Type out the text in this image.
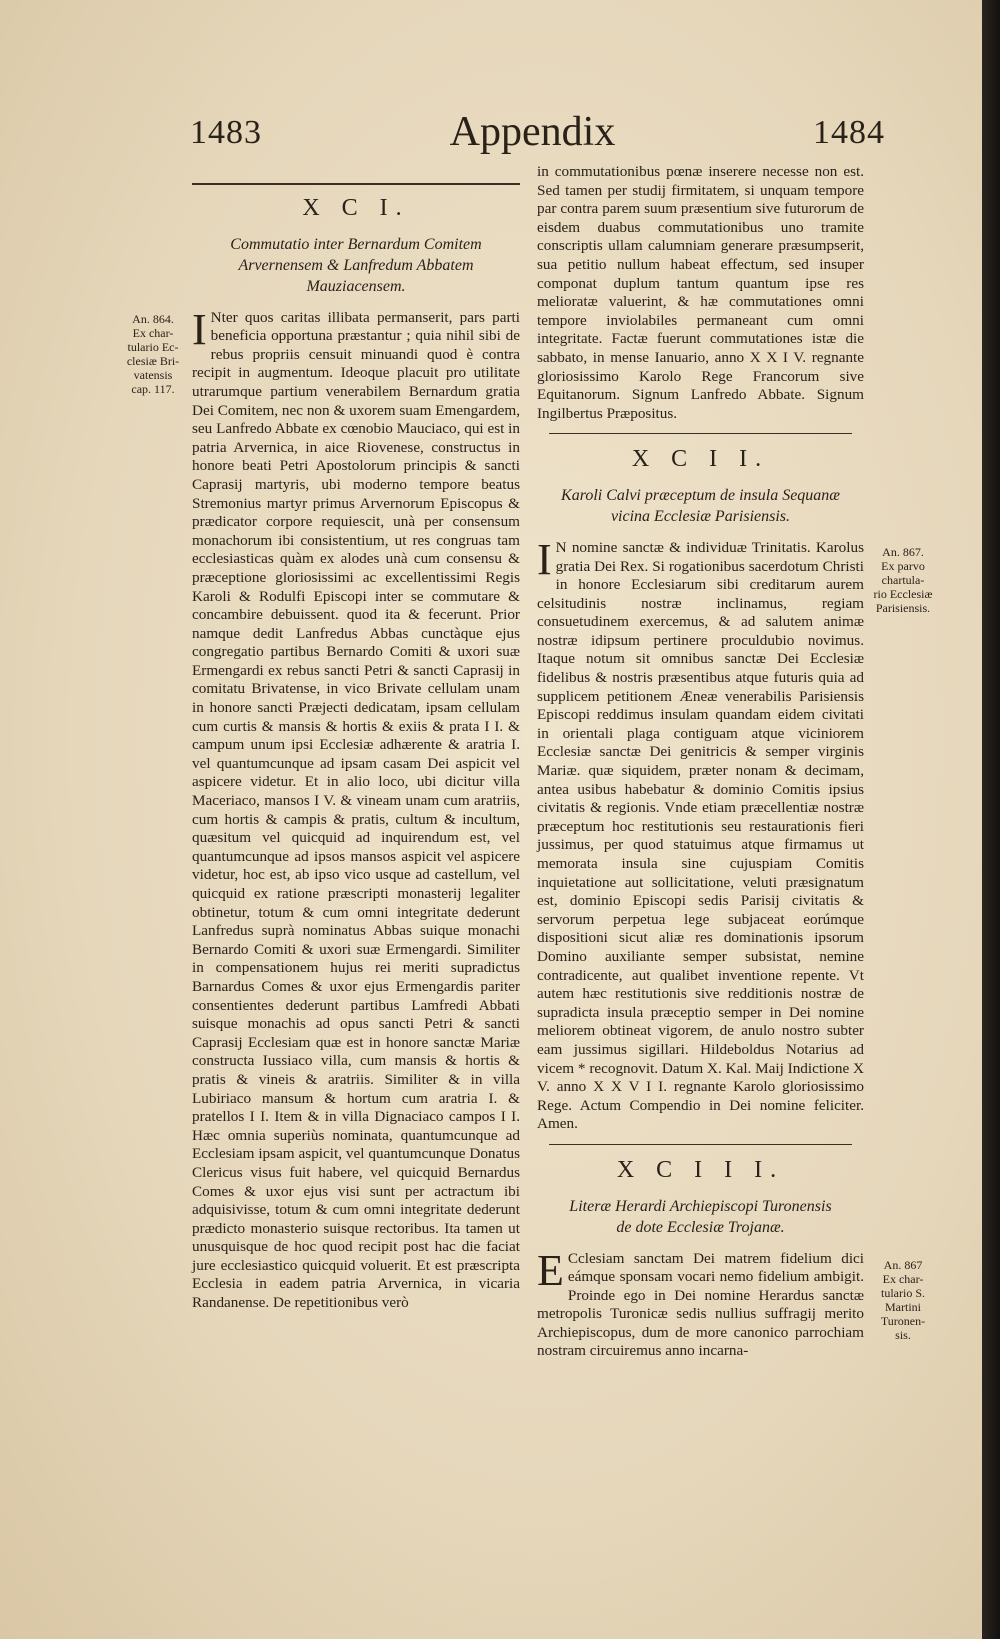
1483	Appendix	1484
An. 864.
Ex char-
tulario Ec-
clesiæ Bri-
vatensis
cap. 117.
An. 867.
Ex parvo
chartula-
rio Ecclesiæ
Parisiensis.
An. 867
Ex char-
tulario S.
Martini
Turonen-
sis.
X C I.
Commutatio inter Bernardum Comitem
Arvernensem & Lanfredum Abbatem
Mauziacensem.

I Nter quos caritas illibata permanserit, pars parti beneficia opportuna præstantur ; quia nihil sibi de rebus propriis censuit minuandi quod è contra recipit in augmentum. Ideoque placuit pro utilitate utrarumque partium venerabilem Bernardum gratia Dei Comitem, nec non & uxorem suam Emengardem, seu Lanfredo Abbate ex cœnobio Mauciaco, qui est in patria Arvernica, in aice Riovenese, constructus in honore beati Petri Apostolorum principis & sancti Caprasij martyris, ubi moderno tempore beatus Stremonius martyr primus Arvernorum Episcopus & prædicator corpore requiescit, unà per consensum monachorum ibi consistentium, ut res congruas tam ecclesiasticas quàm ex alodes unà cum consensu & præceptione gloriosissimi ac excellentissimi Regis Karoli & Rodulfi Episcopi inter se commutare & concambire debuissent. quod ita & fecerunt. Prior namque dedit Lanfredus Abbas cunctàque ejus congregatio partibus Bernardo Comiti & uxori suæ Ermengardi ex rebus sancti Petri & sancti Caprasij in comitatu Brivatense, in vico Brivate cellulam unam in honore sancti Præjecti dedicatam, ipsam cellulam cum curtis & mansis & hortis & exiis & prata I I. & campum unum ipsi Ecclesiæ adhærente & aratria I. vel quantumcunque ad ipsam casam Dei aspicit vel aspicere videtur. Et in alio loco, ubi dicitur villa Maceriaco, mansos I V. & vineam unam cum aratriis, cum hortis & campis & pratis, cultum & incultum, quæsitum vel quicquid ad inquirendum est, vel quantumcunque ad ipsos mansos aspicit vel aspicere videtur, hoc est, ab ipso vico usque ad castellum, vel quicquid ex ratione præscripti monasterij legaliter obtinetur, totum & cum omni integritate dederunt Lanfredus suprà nominatus Abbas suique monachi Bernardo Comiti & uxori suæ Ermengardi. Similiter in compensationem hujus rei meriti supradictus Barnardus Comes & uxor ejus Ermengardis pariter consentientes dederunt partibus Lamfredi Abbati suisque monachis ad opus sancti Petri & sancti Caprasij Ecclesiam quæ est in honore sanctæ Mariæ constructa Iussiaco villa, cum mansis & hortis & pratis & vineis & aratriis. Similiter & in villa Lubiriaco mansum & hortum cum aratria I. & pratellos I I. Item & in villa Dignaciaco campos I I. Hæc omnia superiùs nominata, quantumcunque ad Ecclesiam ipsam aspicit, vel quantumcunque Donatus Clericus visus fuit habere, vel quicquid Bernardus Comes & uxor ejus visi sunt per actractum ibi adquisivisse, totum & cum omni integritate dederunt prædicto monasterio suisque rectoribus. Ita tamen ut unusquisque de hoc quod recipit post hac die faciat jure ecclesiastico quicquid voluerit. Et est præscripta Ecclesia in eadem patria Arvernica, in vicaria Randanense. De repetitionibus verò

in commutationibus pœnæ inserere necesse non est. Sed tamen per studij firmitatem, si unquam tempore par contra parem suum præsentium sive futurorum de eisdem duabus commutationibus uno tramite conscriptis ullam calumniam generare præsumpserit, sua petitio nullum habeat effectum, sed insuper componat duplum tantum quantum ipse res melioratæ valuerint, & hæ commutationes omni tempore inviolabiles permaneant cum omni integritate. Factæ fuerunt commutationes istæ die sabbato, in mense Ianuario, anno X X I V. regnante gloriosissimo Karolo Rege Francorum sive Equitanorum. Signum Lanfredo Abbate. Signum Ingilbertus Præpositus.

X C I I.
Karoli Calvi præceptum de insula Sequanæ
vicina Ecclesiæ Parisiensis.

I N nomine sanctæ & individuæ Trinitatis. Karolus gratia Dei Rex. Si rogationibus sacerdotum Christi in honore Ecclesiarum sibi creditarum aurem celsitudinis nostræ inclinamus, regiam consuetudinem exercemus, & ad salutem animæ nostræ idipsum pertinere proculdubio novimus. Itaque notum sit omnibus sanctæ Dei Ecclesiæ fidelibus & nostris præsentibus atque futuris quia ad supplicem petitionem Æneæ venerabilis Parisiensis Episcopi reddimus insulam quandam eidem civitati in orientali plaga contiguam atque viciniorem Ecclesiæ sanctæ Dei genitricis & semper virginis Mariæ. quæ siquidem, præter nonam & decimam, antea usibus habebatur & dominio Comitis ipsius civitatis & regionis. Vnde etiam præcellentiæ nostræ præceptum hoc restitutionis seu restaurationis fieri jussimus, per quod statuimus atque firmamus ut memorata insula sine cujuspiam Comitis inquietatione aut sollicitatione, veluti præsignatum est, dominio Episcopi sedis Parisij civitatis & servorum perpetua lege subjaceat eorúmque dispositioni sicut aliæ res dominationis ipsorum Domino auxiliante semper subsistat, nemine contradicente, aut qualibet inventione repente. Vt autem hæc restitutionis sive redditionis nostræ de supradicta insula præceptio semper in Dei nomine meliorem obtineat vigorem, de anulo nostro subter eam jussimus sigillari. Hildeboldus Notarius ad vicem * recognovit. Datum X. Kal. Maij Indictione X V. anno X X V I I. regnante Karolo gloriosissimo Rege. Actum Compendio in Dei nomine feliciter. Amen.

X C I I I.
Literæ Herardi Archiepiscopi Turonensis
de dote Ecclesiæ Trojanæ.

E Cclesiam sanctam Dei matrem fidelium dici eámque sponsam vocari nemo fidelium ambigit. Proinde ego in Dei nomine Herardus sanctæ metropolis Turonicæ sedis nullius suffragij merito Archiepiscopus, dum de more canonico parrochiam nostram circuiremus anno incarna-
